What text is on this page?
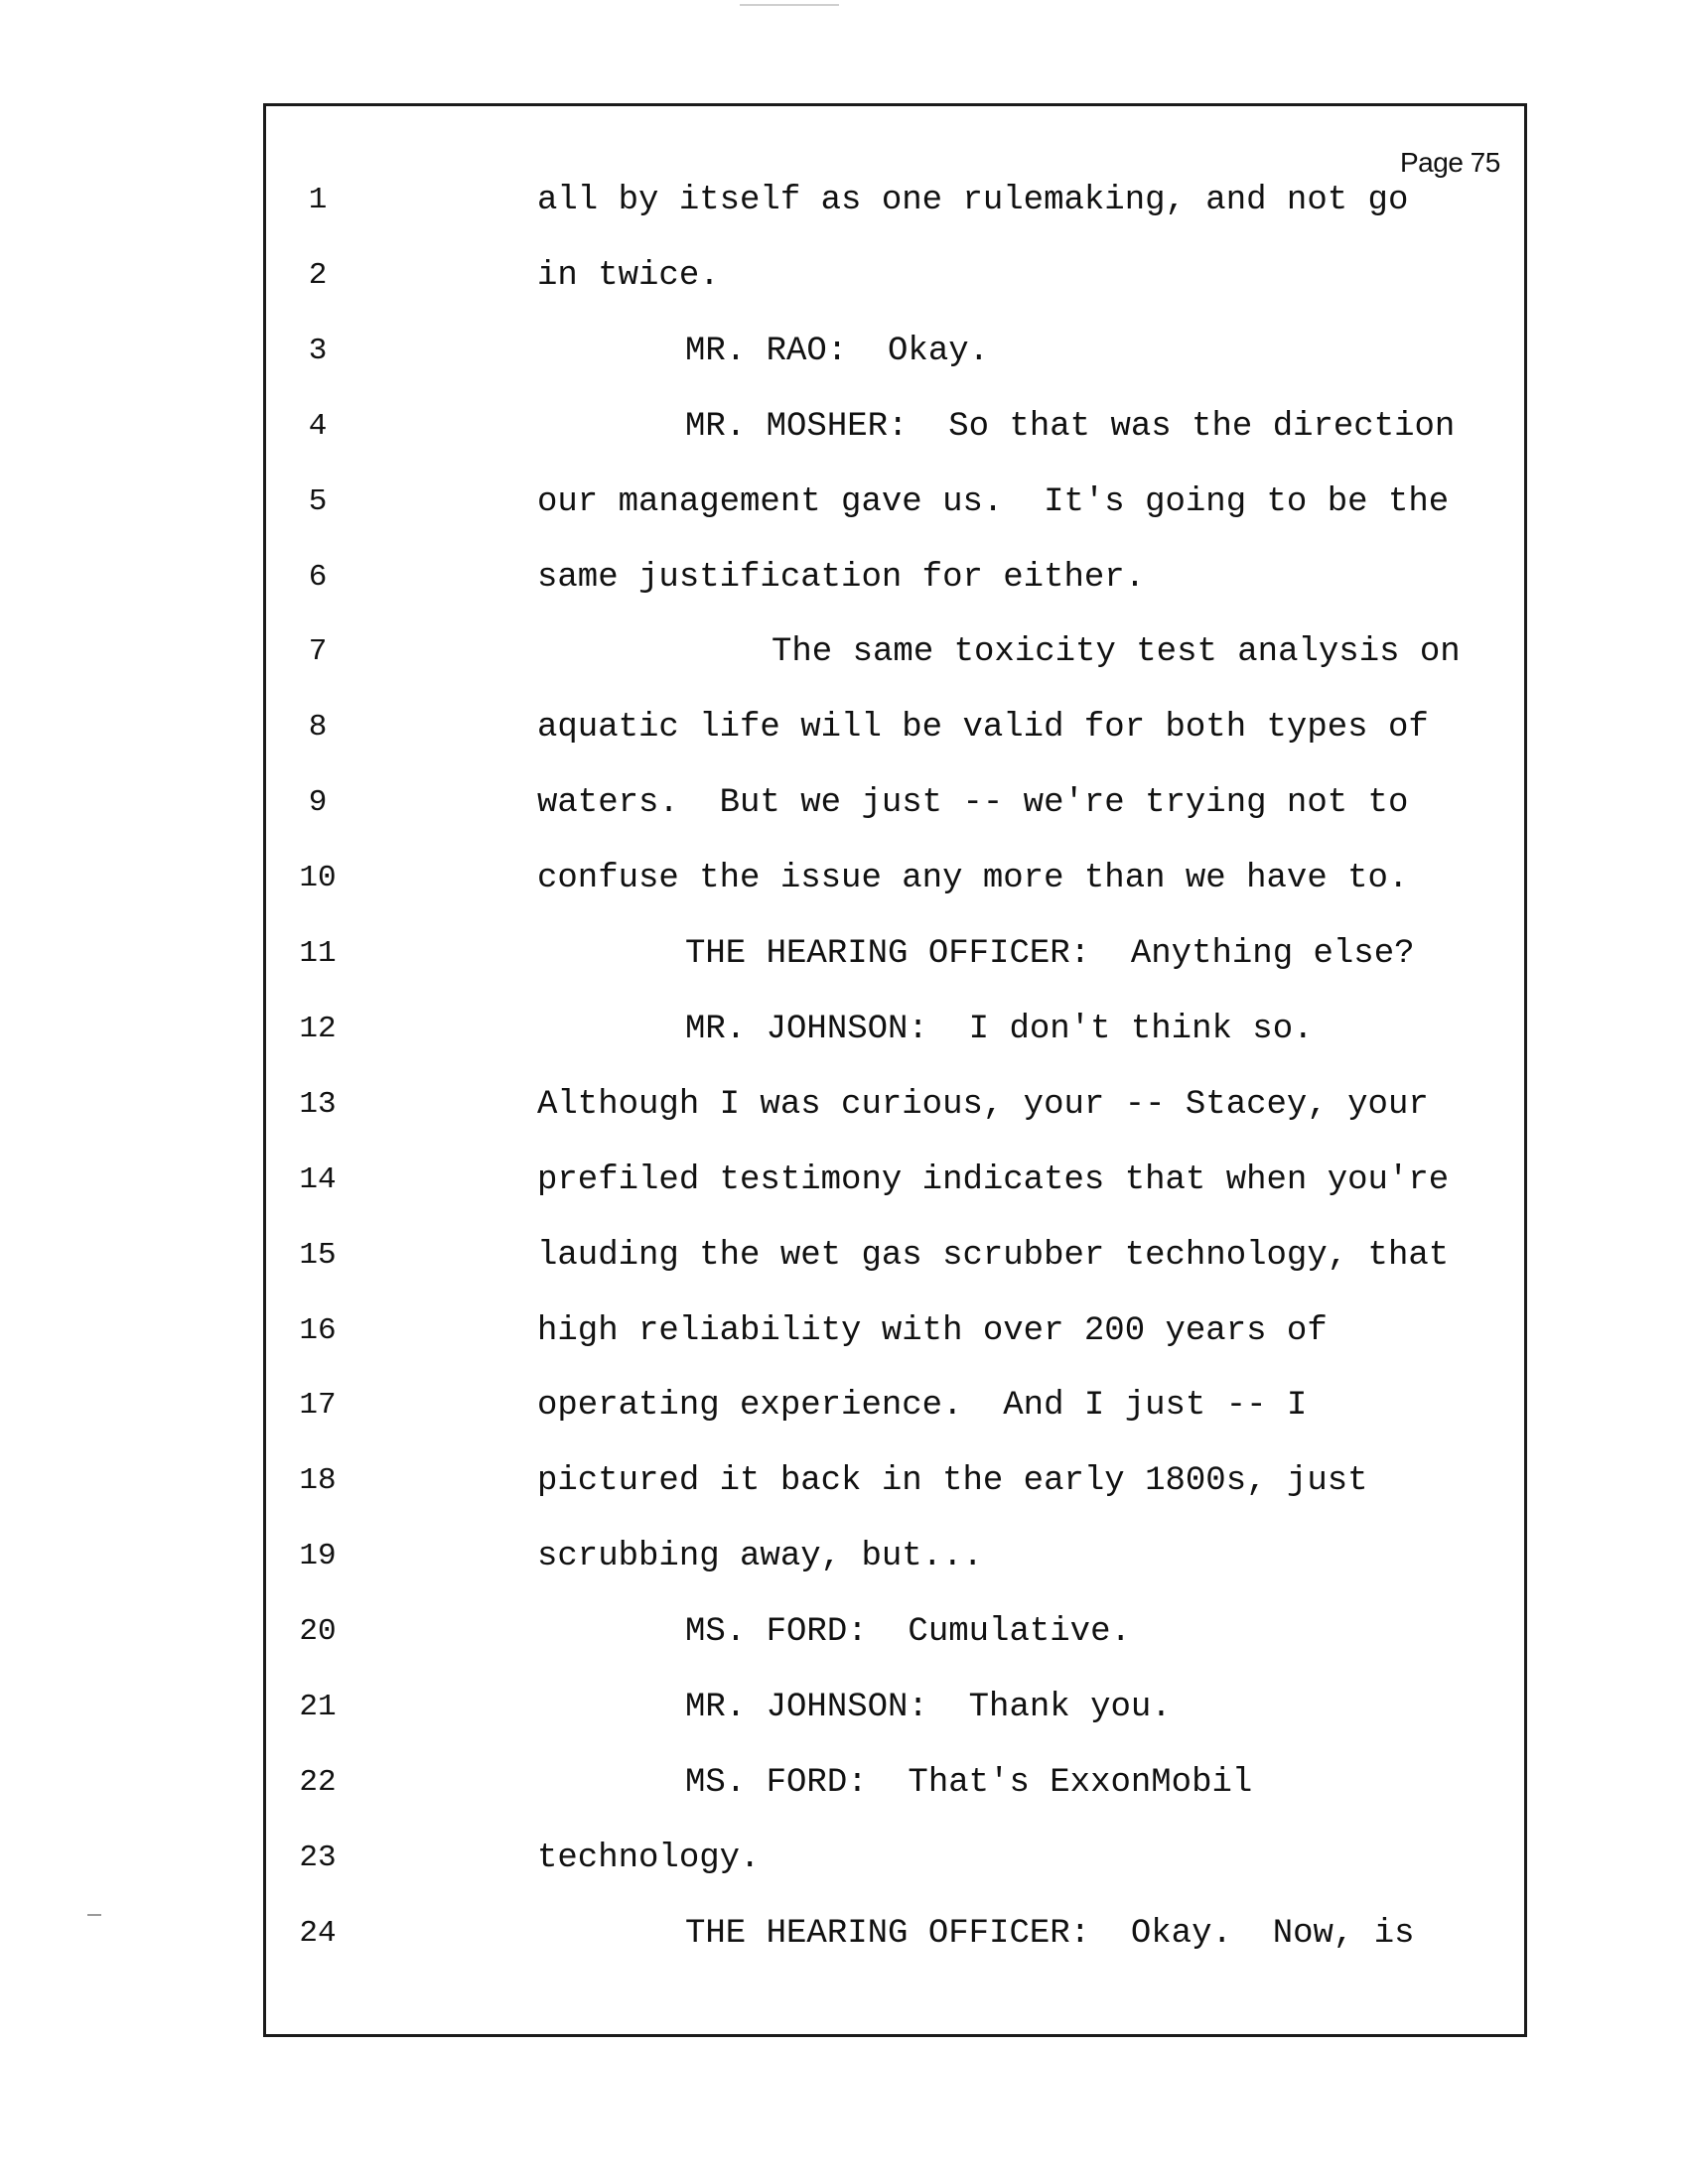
Page 75
1	all by itself as one rulemaking, and not go
2	in twice.
3	MR. RAO:  Okay.
4	MR. MOSHER:  So that was the direction
5	our management gave us.  It's going to be the
6	same justification for either.
7	The same toxicity test analysis on
8	aquatic life will be valid for both types of
9	waters.  But we just -- we're trying not to
10	confuse the issue any more than we have to.
11	THE HEARING OFFICER:  Anything else?
12	MR. JOHNSON:  I don't think so.
13	Although I was curious, your -- Stacey, your
14	prefiled testimony indicates that when you're
15	lauding the wet gas scrubber technology, that
16	high reliability with over 200 years of
17	operating experience.  And I just -- I
18	pictured it back in the early 1800s, just
19	scrubbing away, but...
20	MS. FORD:  Cumulative.
21	MR. JOHNSON:  Thank you.
22	MS. FORD:  That's ExxonMobil
23	technology.
24	THE HEARING OFFICER:  Okay.  Now, is
